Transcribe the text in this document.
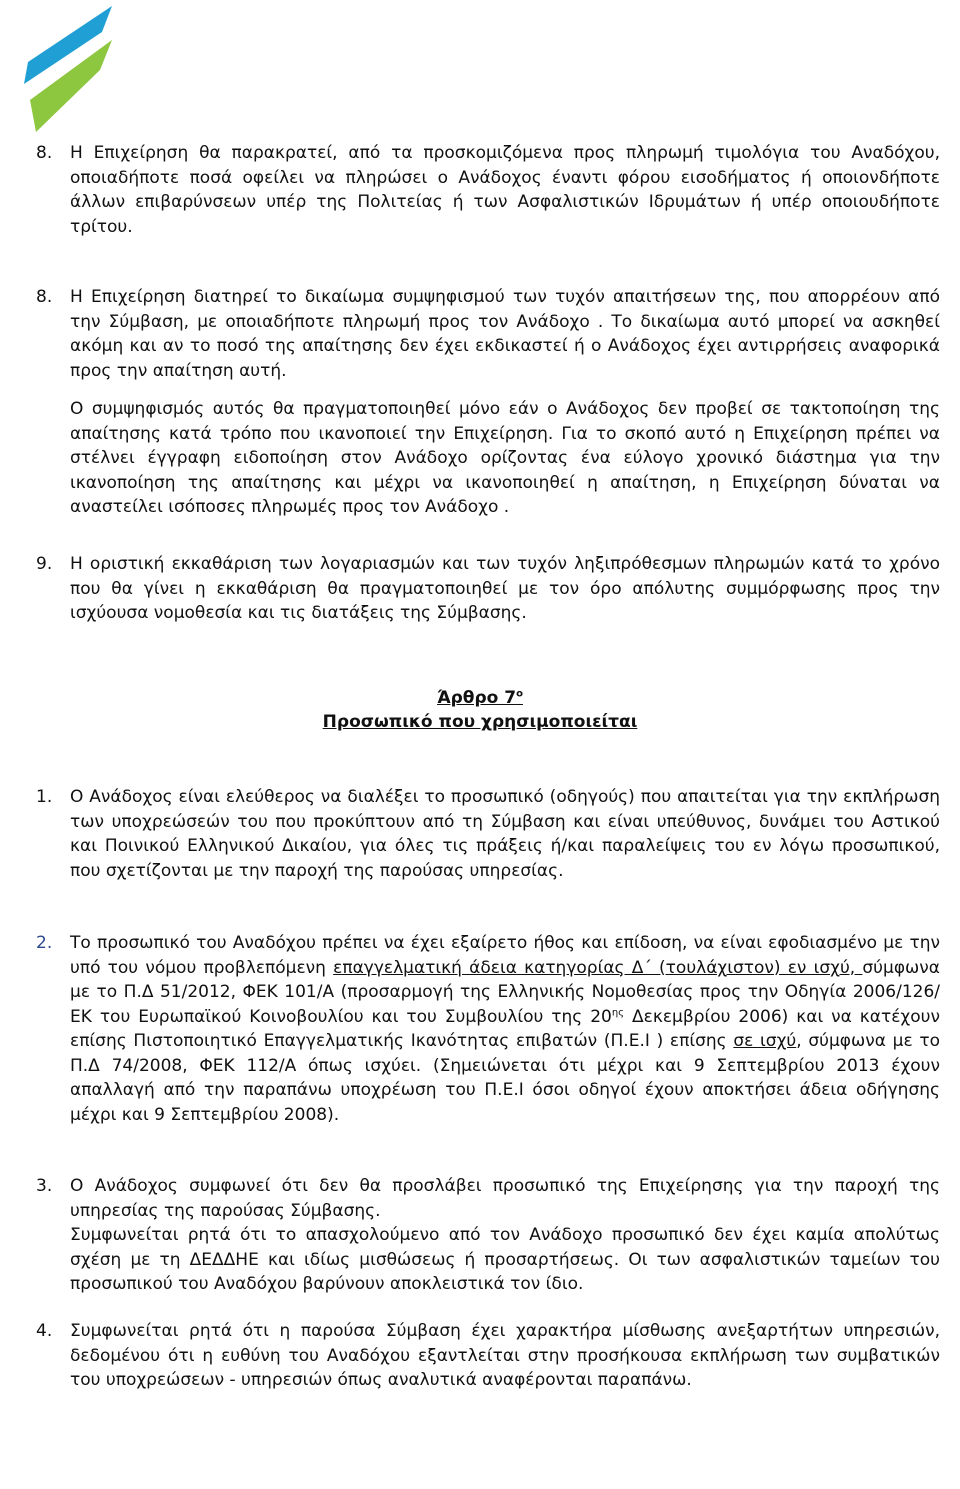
8. Η Επιχείρηση θα παρακρατεί, από τα προσκομιζόμενα προς πληρωμή τιμολόγια του Αναδόχου, οποιαδήποτε ποσά οφείλει να πληρώσει ο Ανάδοχος έναντι φόρου εισοδήματος ή οποιονδήποτε άλλων επιβαρύνσεων υπέρ της Πολιτείας ή των Ασφαλιστικών Ιδρυμάτων ή υπέρ οποιουδήποτε τρίτου.
8. Η Επιχείρηση διατηρεί το δικαίωμα συμψηφισμού των τυχόν απαιτήσεων της, που απορρέουν από την Σύμβαση, με οποιαδήποτε πληρωμή προς τον Ανάδοχο . Το δικαίωμα αυτό μπορεί να ασκηθεί ακόμη και αν το ποσό της απαίτησης δεν έχει εκδικαστεί ή ο Ανάδοχος έχει αντιρρήσεις αναφορικά προς την απαίτηση αυτή.
Ο συμψηφισμός αυτός θα πραγματοποιηθεί μόνο εάν ο Ανάδοχος δεν προβεί σε τακτοποίηση της απαίτησης κατά τρόπο που ικανοποιεί την Επιχείρηση. Για το σκοπό αυτό η Επιχείρηση πρέπει να στέλνει έγγραφη ειδοποίηση στον Ανάδοχο ορίζοντας ένα εύλογο χρονικό διάστημα για την ικανοποίηση της απαίτησης και μέχρι να ικανοποιηθεί η απαίτηση, η Επιχείρηση δύναται να αναστείλει ισόποσες πληρωμές προς τον Ανάδοχο .
9. Η οριστική εκκαθάριση των λογαριασμών και των τυχόν ληξιπρόθεσμων πληρωμών κατά το χρόνο που θα γίνει η εκκαθάριση θα πραγματοποιηθεί με τον όρο απόλυτης συμμόρφωσης προς την ισχύουσα νομοθεσία και τις διατάξεις της Σύμβασης.
Άρθρο $7^o$
Προσωπικό που χρησιμοποιείται
1. Ο Ανάδοχος είναι ελεύθερος να διαλέξει το προσωπικό (οδηγούς) που απαιτείται για την εκπλήρωση των υποχρεώσεών του που προκύπτουν από τη Σύμβαση και είναι υπεύθυνος, δυνάμει του Αστικού και Ποινικού Ελληνικού Δικαίου, για όλες τις πράξεις ή/και παραλείψεις του εν λόγω προσωπικού, που σχετίζονται με την παροχή της παρούσας υπηρεσίας.
2. Το προσωπικό του Αναδόχου πρέπει να έχει εξαίρετο ήθος και επίδοση, να είναι εφοδιασμένο με την υπό του νόμου προβλεπόμενη επαγγελματική άδεια κατηγορίας Δ΄ (τουλάχιστον) εν ισχύ, σύμφωνα με το Π.Δ 51/2012, ΦΕΚ 101/Α (προσαρμογή της Ελληνικής Νομοθεσίας προς την Οδηγία 2006/126/ΕΚ του Ευρωπαϊκού Κοινοβουλίου και του Συμβουλίου της $20^{\eta\varsigma}$ Δεκεμβρίου 2006) και να κατέχουν επίσης Πιστοποιητικό Επαγγελματικής Ικανότητας επιβατών (Π.Ε.Ι ) επίσης σε ισχύ, σύμφωνα με το Π.Δ 74/2008, ΦΕΚ 112/Α όπως ισχύει. (Σημειώνεται ότι μέχρι και 9 Σεπτεμβρίου 2013 έχουν απαλλαγή από την παραπάνω υποχρέωση του Π.Ε.Ι όσοι οδηγοί έχουν αποκτήσει άδεια οδήγησης μέχρι και 9 Σεπτεμβρίου 2008).
3. Ο Ανάδοχος συμφωνεί ότι δεν θα προσλάβει προσωπικό της Επιχείρησης για την παροχή της υπηρεσίας της παρούσας Σύμβασης.
Συμφωνείται ρητά ότι το απασχολούμενο από τον Ανάδοχο προσωπικό δεν έχει καμία απολύτως σχέση με τη ΔΕΔΔΗΕ και ιδίως μισθώσεως ή προσαρτήσεως. Οι των ασφαλιστικών ταμείων του προσωπικού του Αναδόχου βαρύνουν αποκλειστικά τον ίδιο.
4. Συμφωνείται ρητά ότι η παρούσα Σύμβαση έχει χαρακτήρα μίσθωσης ανεξαρτήτων υπηρεσιών, δεδομένου ότι η ευθύνη του Αναδόχου εξαντλείται στην προσήκουσα εκπλήρωση των συμβατικών του υποχρεώσεων - υπηρεσιών όπως αναλυτικά αναφέρονται παραπάνω.
